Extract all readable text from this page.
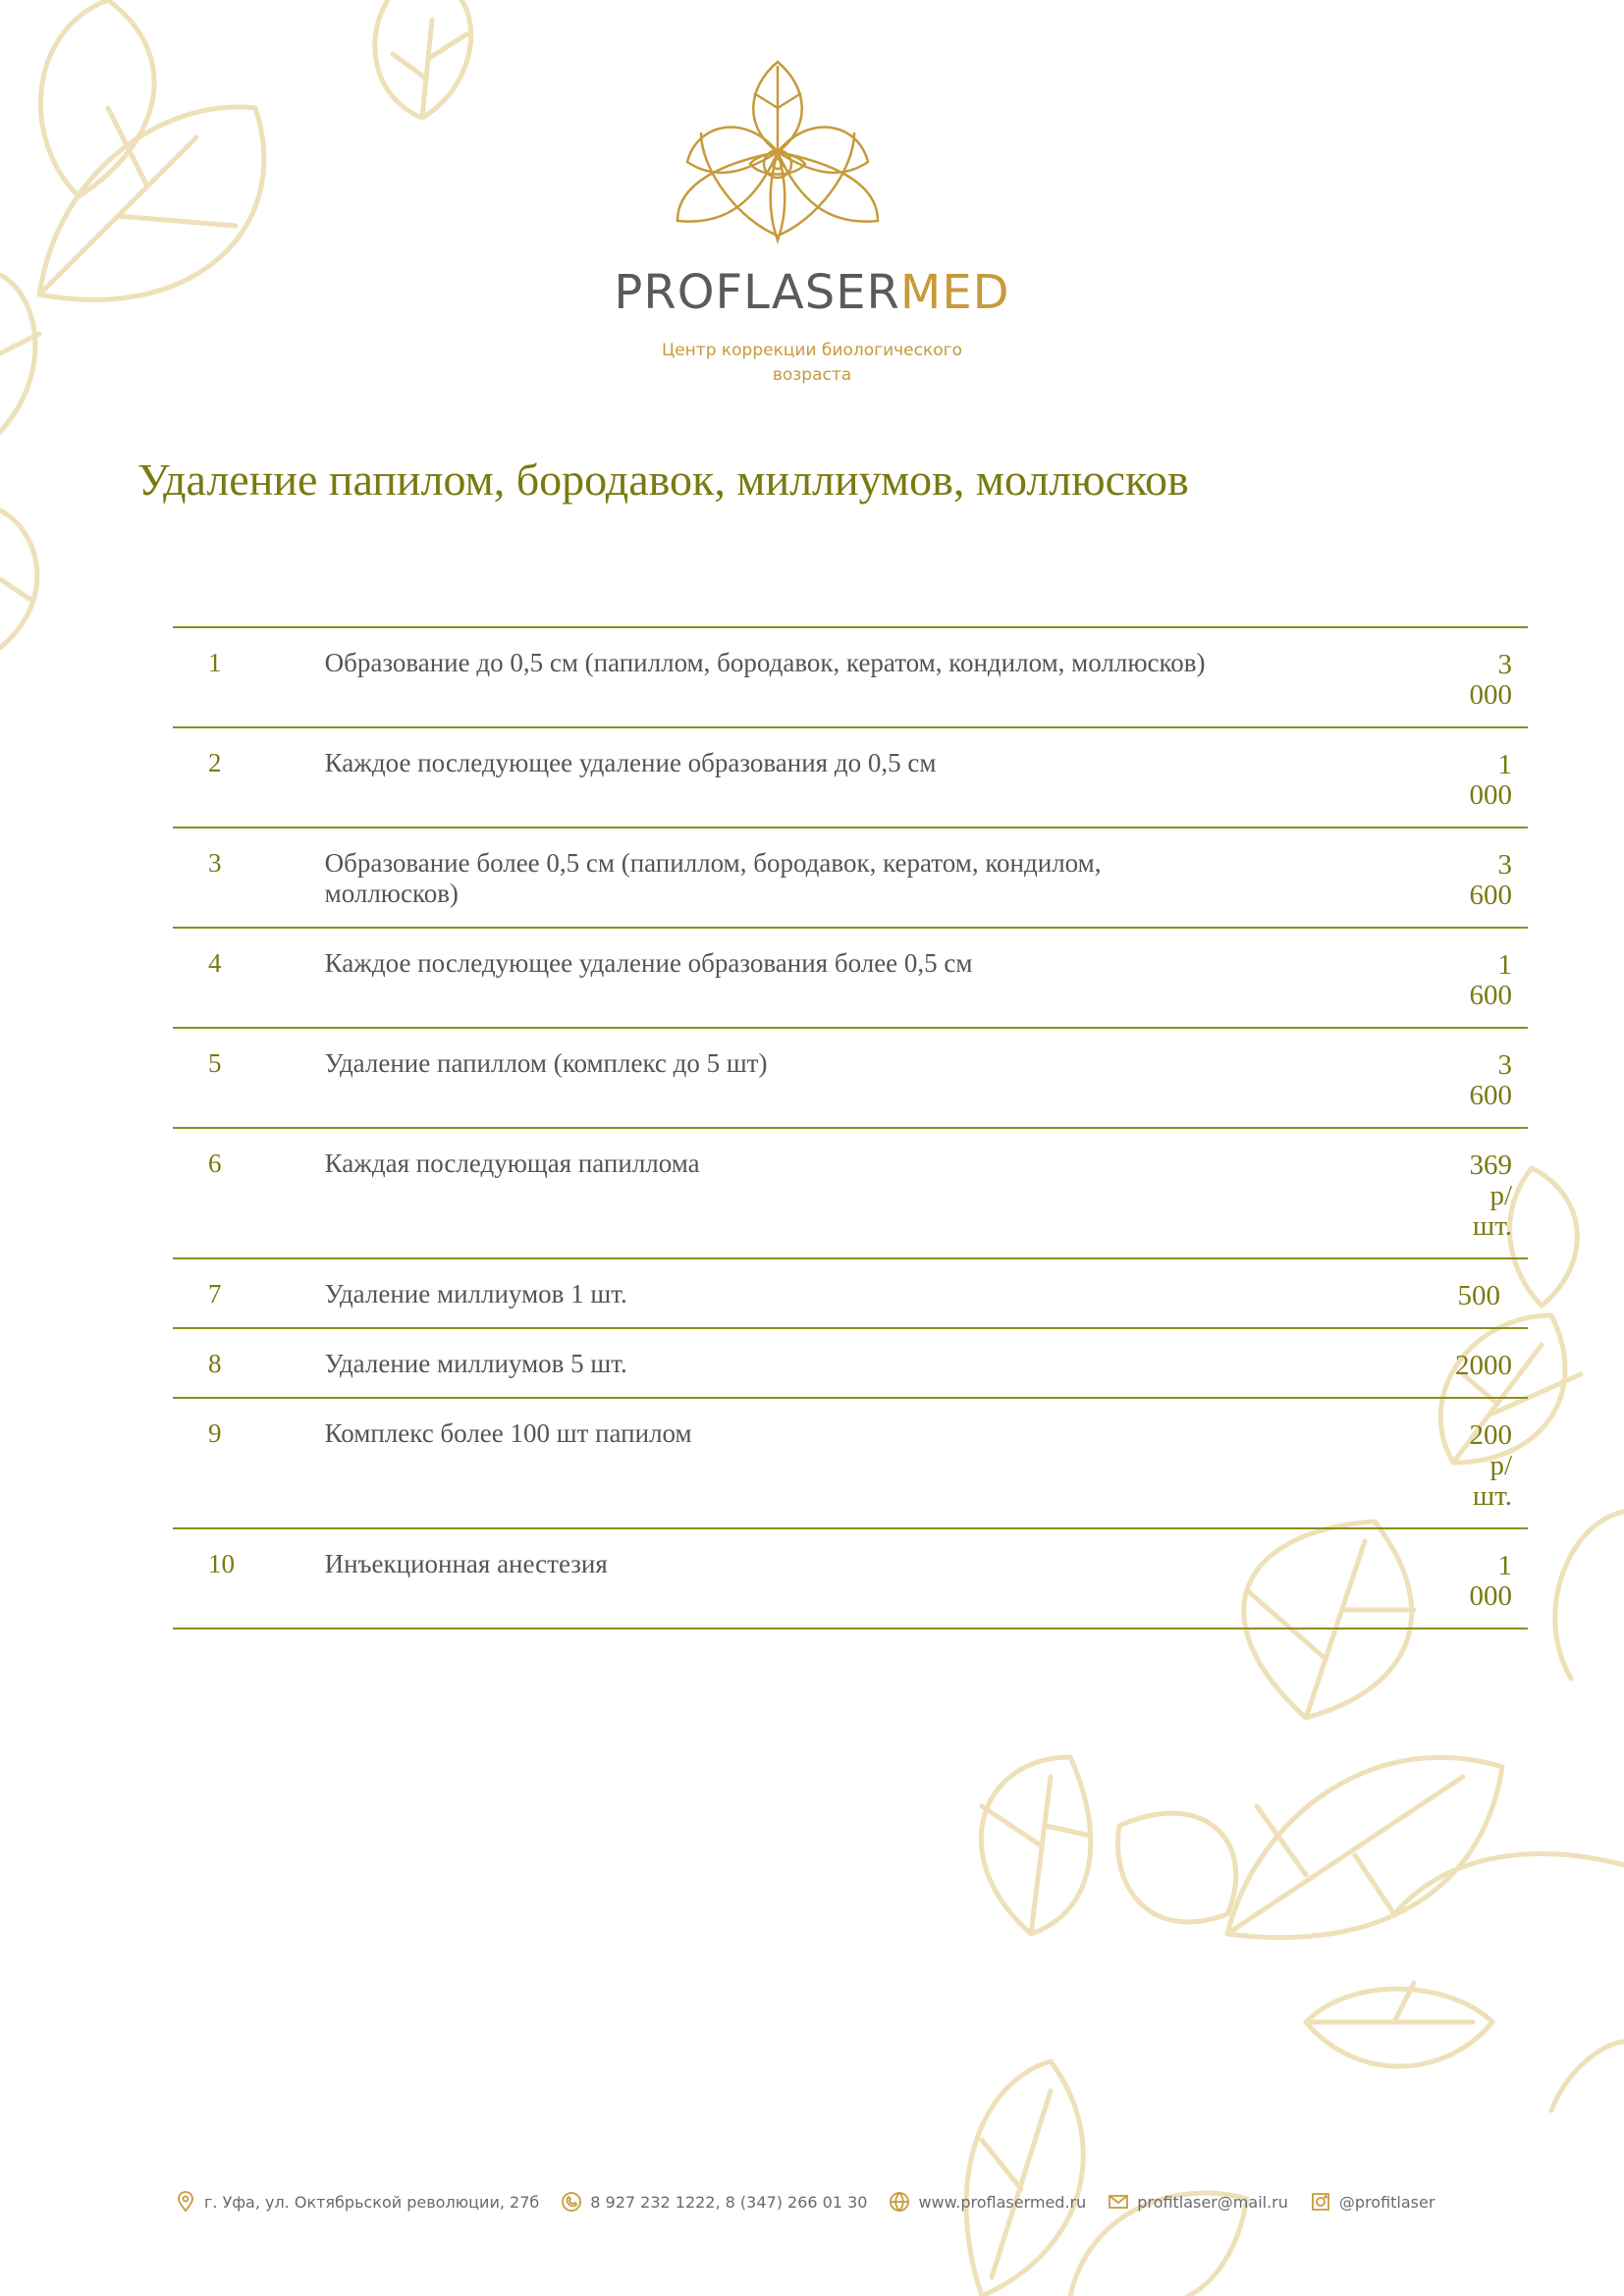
PROFLASERMED
Центр коррекции биологического
возраста
Удаление папилом, бородавок, миллиумов, моллюсков
1	Образование до 0,5 см (папиллом, бородавок, кератом, кондилом, моллюсков)	3 000
2	Каждое последующее удаление образования до 0,5 см	1 000
3	Образование более 0,5 см (папиллом, бородавок, кератом, кондилом, моллюсков)	3 600
4	Каждое последующее удаление образования более 0,5 см	1 600
5	Удаление папиллом (комплекс до 5 шт)	3 600
6	Каждая последующая папиллома	369 р/шт.
7	Удаление миллиумов 1 шт.	500
8	Удаление миллиумов 5 шт.	2000
9	Комплекс более 100 шт папилом	200 р/шт.
10	Инъекционная анестезия	1 000
г. Уфа, ул. Октябрьской революции, 27б	8 927 232 1222, 8 (347) 266 01 30	www.proflasermed.ru	profitlaser@mail.ru	@profitlaser
